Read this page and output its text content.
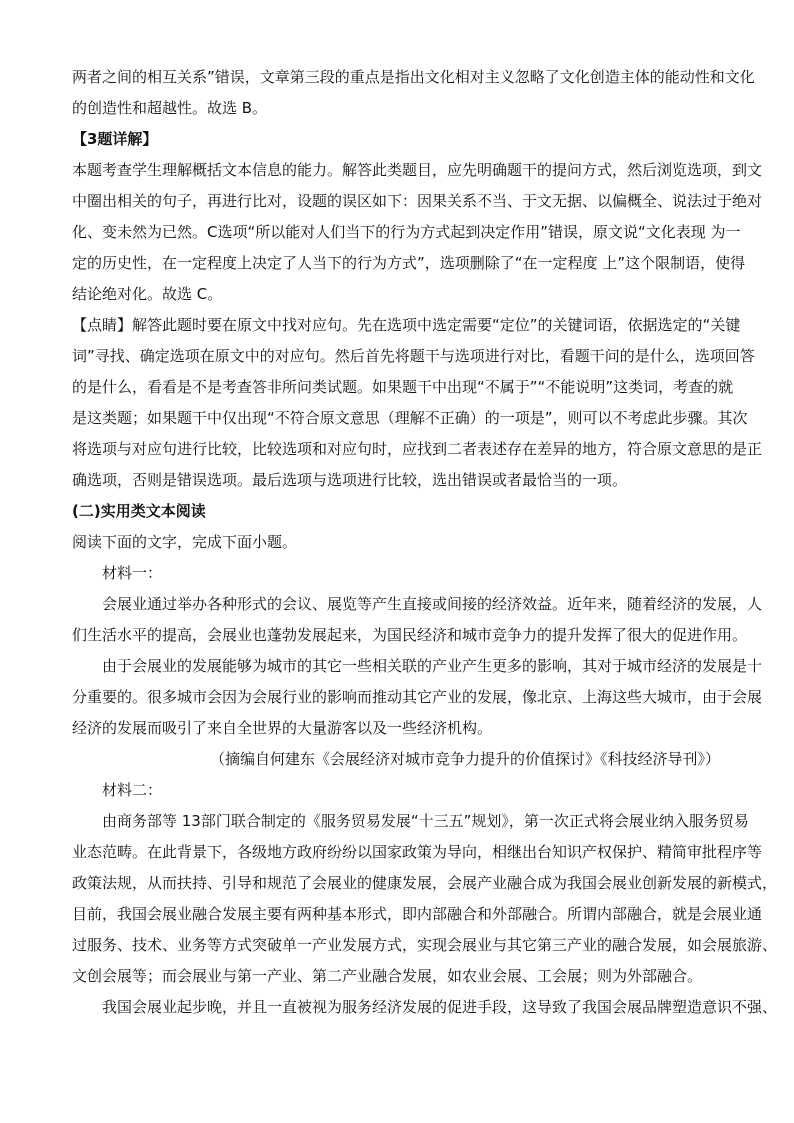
两者之间的相互关系”错误，文章第三段的重点是指出文化相对主义忽略了文化创造主体的能动性和文化
的创造性和超越性。故选 B。
【3题详解】
本题考查学生理解概括文本信息的能力。解答此类题目，应先明确题干的提问方式，然后浏览选项，到文
中圈出相关的句子，再进行比对，设题的误区如下：因果关系不当、于文无据、以偏概全、说法过于绝对
化、变未然为已然。C选项“所以能对人们当下的行为方式起到决定作用”错误，原文说“文化表现 为一
定的历史性，在一定程度上决定了人当下的行为方式”，选项删除了“在一定程度 上”这个限制语，使得
结论绝对化。故选 C。
【点睛】解答此题时要在原文中找对应句。先在选项中选定需要“定位”的关键词语，依据选定的“关键
词”寻找、确定选项在原文中的对应句。然后首先将题干与选项进行对比，看题干问的是什么，选项回答
的是什么，看看是不是考查答非所问类试题。如果题干中出现“不属于”“不能说明”这类词，考查的就
是这类题；如果题干中仅出现“不符合原文意思（理解不正确）的一项是”，则可以不考虑此步骤。其次
将选项与对应句进行比较，比较选项和对应句时，应找到二者表述存在差异的地方，符合原文意思的是正
确选项，否则是错误选项。最后选项与选项进行比较，选出错误或者最恰当的一项。
(二)实用类文本阅读
阅读下面的文字，完成下面小题。
　　材料一：
　　会展业通过举办各种形式的会议、展览等产生直接或间接的经济效益。近年来，随着经济的发展，人
们生活水平的提高，会展业也蓬勃发展起来，为国民经济和城市竞争力的提升发挥了很大的促进作用。
　　由于会展业的发展能够为城市的其它一些相关联的产业产生更多的影响，其对于城市经济的发展是十
分重要的。很多城市会因为会展行业的影响而推动其它产业的发展，像北京、上海这些大城市，由于会展
经济的发展而吸引了来自全世界的大量游客以及一些经济机构。
（摘编自何建东《会展经济对城市竞争力提升的价值探讨》《科技经济导刊》）
　　材料二：
　　由商务部等 13部门联合制定的《服务贸易发展“十三五”规划》，第一次正式将会展业纳入服务贸易
业态范畴。在此背景下，各级地方政府纷纷以国家政策为导向，相继出台知识产权保护、精简审批程序等
政策法规，从而扶持、引导和规范了会展业的健康发展，会展产业融合成为我国会展业创新发展的新模式，
目前，我国会展业融合发展主要有两种基本形式，即内部融合和外部融合。所谓内部融合，就是会展业通
过服务、技术、业务等方式突破单一产业发展方式，实现会展业与其它第三产业的融合发展，如会展旅游、
文创会展等；而会展业与第一产业、第二产业融合发展，如农业会展、工会展；则为外部融合。
　　我国会展业起步晚，并且一直被视为服务经济发展的促进手段，这导致了我国会展品牌塑造意识不强、
